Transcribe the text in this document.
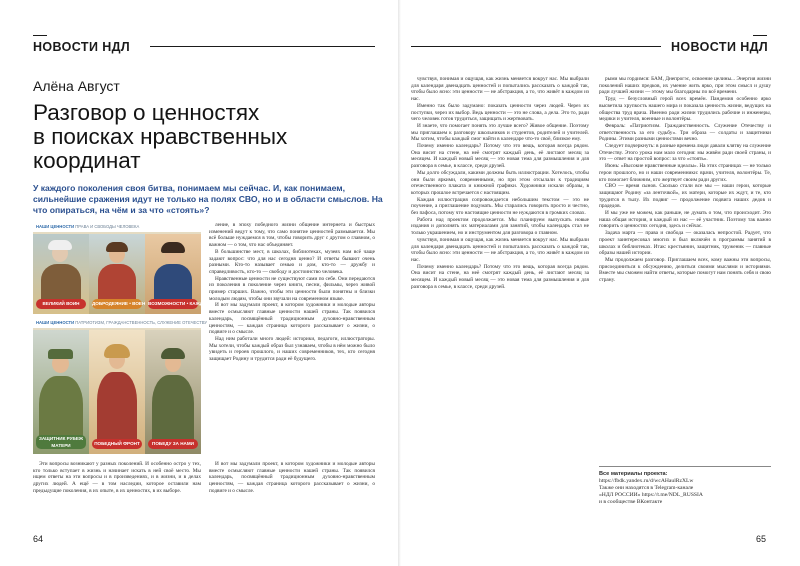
НОВОСТИ НДЛ
Алёна Август
Разговор о ценностях
в поисках нравственных
координат
У каждого поколения своя битва, понимаем мы сейчас. И, как понимаем, сильнейшие сражения идут не только на полях СВО, но и в области смыслов. На что опираться, на чём и за что «стоять»?
НАШИ ЦЕННОСТИ ПРАВА И СВОБОДЫ ЧЕЛОВЕКА
ВЕЛИКИЙ ВОИН	ДОБРОДЕЯНИЕ • ВОЕН ВОЗМОЖНОСТИ • КАЖДОМУ
НАШИ ЦЕННОСТИ ПАТРИОТИЗМ, ГРАЖДАНСТВЕННОСТЬ, СЛУЖЕНИЕ ОТЕЧЕСТВУ
ЗАЩИТНИК РУБЕЖ МАТЕРИ	ПОБЕДНЫЙ ФРОНТ	ПОБЕДУ ЗА НАМИ

ление, в эпоху победного жизни общение интернета и быстрых изменений ведут к тому, что само понятие ценностей размывается. Мы всё больше нуждаемся в том, чтобы говорить друг с другом о главном, о важном — о том, что нас объединяет.

В большинстве мест, в школах, библиотеках, музеях нам всё чаще задают вопрос: что для нас сегодня ценно? И ответы бывают очень разными. Кто-то называет семью и дом, кто-то — дружбу и справедливость, кто-то — свободу и достоинство человека.

Нравственные ценности не существуют сами по себе. Они передаются из поколения в поколение через книги, песни, фильмы, через живой пример старших. Важно, чтобы эти ценности были понятны и близки молодым людям, чтобы они звучали на современном языке.

И вот мы задумали проект, в котором художники и молодые авторы вместе осмысляют главные ценности нашей страны. Так появился календарь, посвящённый традиционным духовно-нравственным ценностям, — каждая страница которого рассказывает о жизни, о подвиге и о смысле.

Над ним работали много людей: историки, педагоги, иллюстраторы. Мы хотели, чтобы каждый образ был узнаваем, чтобы в нём можно было увидеть и героев прошлого, и наших современников, тех, кто сегодня защищает Родину и трудится ради её будущего.

Эти вопросы возникают у разных поколений. И особенно остро у тех, кто только вступает в жизнь и начинает искать в ней своё место. Мы ищем ответы на эти вопросы и в произведениях, и в жизни, и в делах других людей. А ещё — в том наследии, которое оставили нам предыдущие поколения, в их опыте, в их ценностях, в их выборе.

И вот мы задумали проект, в котором художники и молодые авторы вместе осмысляют главные ценности нашей страны. Так появился календарь, посвящённый традиционным духовно-нравственным ценностям, — каждая страница которого рассказывает о жизни, о подвиге и о смысле.

64
НОВОСТИ НДЛ

чувствуя, понимая и ощущая, как жизнь меняется вокруг нас. Мы выбрали для календаря двенадцать ценностей и попытались рассказать о каждой так, чтобы было ясно: эти ценности — не абстракция, а то, что живёт в каждом из нас.

Именно так было задумано: показать ценности через людей. Через их поступки, через их выбор. Ведь ценности — это не слова, а дела. Это то, ради чего человек готов трудиться, защищать и жертвовать.

И знаете, что помогает понять это лучше всего? Живое общение. Поэтому мы приглашаем к разговору школьников и студентов, родителей и учителей. Мы хотим, чтобы каждый смог найти в календаре что-то своё, близкое ему.

Почему именно календарь? Потому что это вещь, которая всегда рядом. Она висит на стене, на неё смотрят каждый день, её листают месяц за месяцем. И каждый новый месяц — это новая тема для размышления и для разговора в семье, в классе, среди друзей.

Мы долго обсуждали, какими должны быть иллюстрации. Хотелось, чтобы они были яркими, современными, но при этом отсылали к традициям отечественного плаката и книжной графики. Художники искали образы, в которых прошлое встречается с настоящим.

Каждая иллюстрация сопровождается небольшим текстом — это не поучение, а приглашение подумать. Мы старались говорить просто и честно, без пафоса, потому что настоящие ценности не нуждаются в громких словах.

Работа над проектом продолжается. Мы планируем выпускать новые издания и дополнять их материалами для занятий, чтобы календарь стал не только украшением, но и инструментом для разговора о главном.

чувствуя, понимая и ощущая, как жизнь меняется вокруг нас. Мы выбрали для календаря двенадцать ценностей и попытались рассказать о каждой так, чтобы было ясно: эти ценности — не абстракция, а то, что живёт в каждом из нас.

Почему именно календарь? Потому что это вещь, которая всегда рядом. Она висит на стене, на неё смотрят каждый день, её листают месяц за месяцем. И каждый новый месяц — это новая тема для размышления и для разговора в семье, в классе, среди друзей.

рыми мы гордимся: БАМ, Днепрогэс, освоение целины... Энергия жизни поколений наших предков, их умение жить ярко, при этом смысл и душу ради лучшей жизни — этому мы благодарны по всё времени.

Труд — безусловный герой всех времён. Пандемия особенно ярко высветила хрупкость нашего мира и показала ценность жизни, ведущих на общества труд врача. Именно ради жизни трудились рабочие и инженеры, медики и учителя, военные и волонтёры.

Февраль: «Патриотизм. Гражданственность. Служение Отечеству и ответственность за его судьбу». Три образа — солдаты и защитники Родины. Этими разными ценностями вечно.

Следует подчеркнуть: в разные времена люди давали клятву на служение Отечеству. Этого урока нам мало сегодня: мы живём ради своей страны, и это — ответ на простой вопрос: за что «стоять».

Июнь: «Высокие нравственные идеалы». На этих страницах — не только герои прошлого, но и наши современники: врачи, учителя, волонтёры. Те, кто помогает ближним, кто жертвует своим ради других.

СВО — время сынов. Сколько стали все мы — наши герои, которые защищают Родину «за ленточкой», их матери, которые их ждут, и те, кто трудится в тылу. Их подвиг — продолжение подвига наших дедов и прадедов.

И мы уже не можем, как раньше, не думать о том, что происходит. Это наша общая история, и каждый из нас — её участник. Поэтому так важно говорить о ценностях сегодня, здесь и сейчас.

Задача марта — права и свобода — оказалась непростой. Радует, что проект заинтересовал многих и был включён в программы занятий в школах и библиотеках. Итак: крестьянин, защитник, труженик — главные образы нашей истории.

Мы продолжаем разговор. Приглашаем всех, кому важны эти вопросы, присоединиться к обсуждению, делиться своими мыслями и историями. Вместе мы сможем найти ответы, которые помогут нам понять себя и свою страну.

Все материалы проекта:
https://fbdk.yandex.ru/d/wcAHaulRzXLw
Также они находятся в Telegram-канале
«НДЛ РОССИИ» https://t.me/NDL_RUSSIA
и в сообществе ВКонтакте
65
